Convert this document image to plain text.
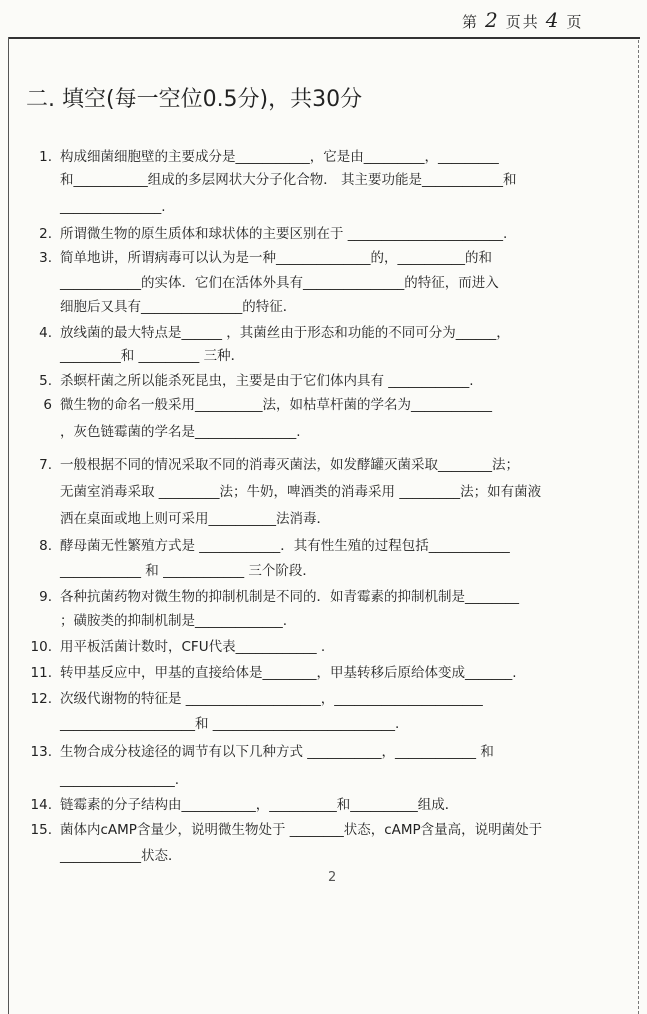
第 2 页共 4 页
二. 填空(每一空位0.5分)，共30分
1. 构成细菌细胞壁的主要成分是___________，它是由_________，_________
和___________组成的多层网状大分子化合物． 其主要功能是____________和
_______________.
2. 所谓微生物的原生质体和球状体的主要区别在于 _______________________.
3. 简单地讲，所谓病毒可以认为是一种______________的，__________的和
____________的实体．它们在活体外具有_______________的特征，而进入
细胞后又具有_______________的特征．
4. 放线菌的最大特点是______ ，其菌丝由于形态和功能的不同可分为______，
_________和 _________ 三种．
5. 杀螟杆菌之所以能杀死昆虫，主要是由于它们体内具有 ____________.
6 微生物的命名一般采用__________法，如枯草杆菌的学名为____________
，灰色链霉菌的学名是_______________.
7. 一般根据不同的情况采取不同的消毒灭菌法，如发酵罐灭菌采取________法；
无菌室消毒采取 _________法；牛奶，啤酒类的消毒采用 _________法；如有菌液
洒在桌面或地上则可采用__________法消毒．
8. 酵母菌无性繁殖方式是 ____________．其有性生殖的过程包括____________
____________ 和 ____________ 三个阶段．
9. 各种抗菌药物对微生物的抑制机制是不同的．如青霉素的抑制机制是________
；磺胺类的抑制机制是_____________.
10. 用平板活菌计数时，CFU代表____________ .
11. 转甲基反应中，甲基的直接给体是________，甲基转移后原给体变成_______.
12. 次级代谢物的特征是 ____________________，______________________
____________________和 ___________________________.
13. 生物合成分枝途径的调节有以下几种方式 ___________，____________ 和
_________________.
14. 链霉素的分子结构由___________，__________和__________组成．
15. 菌体内cAMP含量少，说明微生物处于 ________状态，cAMP含量高，说明菌处于
____________状态．
2
